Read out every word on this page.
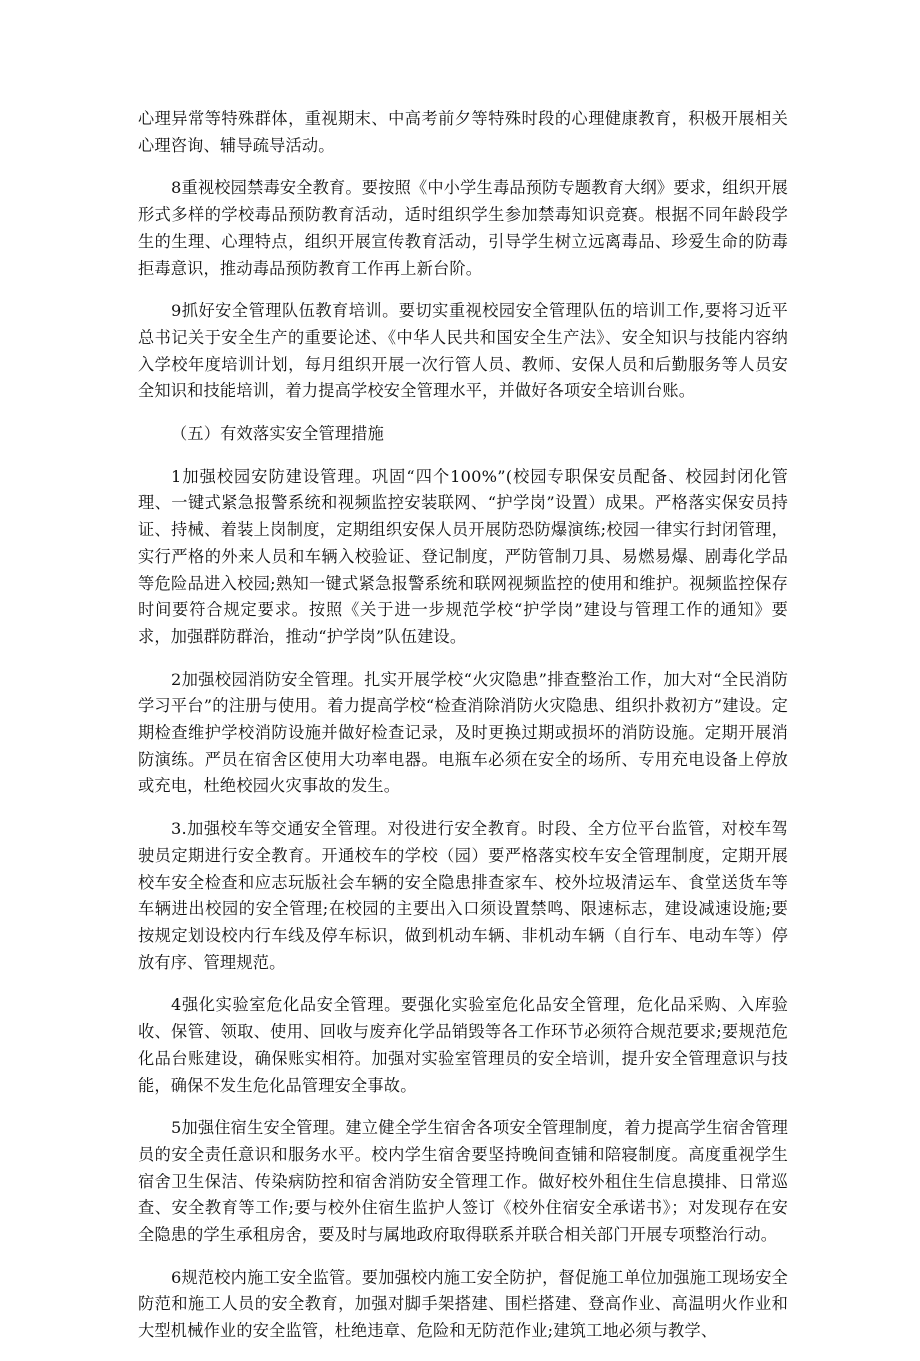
心理异常等特殊群体，重视期末、中高考前夕等特殊时段的心理健康教育，积极开展相关心理咨询、辅导疏导活动。

8重视校园禁毒安全教育。要按照《中小学生毒品预防专题教育大纲》要求，组织开展形式多样的学校毒品预防教育活动，适时组织学生参加禁毒知识竞赛。根据不同年龄段学生的生理、心理特点，组织开展宣传教育活动，引导学生树立远离毒品、珍爱生命的防毒拒毒意识，推动毒品预防教育工作再上新台阶。

9抓好安全管理队伍教育培训。要切实重视校园安全管理队伍的培训工作,要将习近平总书记关于安全生产的重要论述、《中华人民共和国安全生产法》、安全知识与技能内容纳入学校年度培训计划，每月组织开展一次行管人员、教师、安保人员和后勤服务等人员安全知识和技能培训，着力提高学校安全管理水平，并做好各项安全培训台账。

（五）有效落实安全管理措施

1加强校园安防建设管理。巩固“四个100%”(校园专职保安员配备、校园封闭化管理、一键式紧急报警系统和视频监控安装联网、“护学岗”设置）成果。严格落实保安员持证、持械、着装上岗制度，定期组织安保人员开展防恐防爆演练;校园一律实行封闭管理，实行严格的外来人员和车辆入校验证、登记制度，严防管制刀具、易燃易爆、剧毒化学品等危险品进入校园;熟知一键式紧急报警系统和联网视频监控的使用和维护。视频监控保存时间要符合规定要求。按照《关于进一步规范学校“护学岗”建设与管理工作的通知》要求，加强群防群治，推动“护学岗”队伍建设。

2加强校园消防安全管理。扎实开展学校“火灾隐患”排查整治工作，加大对“全民消防学习平台”的注册与使用。着力提高学校“检查消除消防火灾隐患、组织扑救初方”建设。定期检查维护学校消防设施并做好检查记录，及时更换过期或损坏的消防设施。定期开展消防演练。严员在宿舍区使用大功率电器。电瓶车必须在安全的场所、专用充电设备上停放或充电，杜绝校园火灾事故的发生。

3.加强校车等交通安全管理。对役进行安全教育。时段、全方位平台监管，对校车驾驶员定期进行安全教育。开通校车的学校（园）要严格落实校车安全管理制度，定期开展校车安全检查和应志玩版社会车辆的安全隐患排查家车、校外垃圾清运车、食堂送货车等车辆进出校园的安全管理;在校园的主要出入口须设置禁鸣、限速标志，建设减速设施;要按规定划设校内行车线及停车标识，做到机动车辆、非机动车辆（自行车、电动车等）停放有序、管理规范。

4强化实验室危化品安全管理。要强化实验室危化品安全管理，危化品采购、入库验收、保管、领取、使用、回收与废弃化学品销毁等各工作环节必须符合规范要求;要规范危化品台账建设，确保账实相符。加强对实验室管理员的安全培训，提升安全管理意识与技能，确保不发生危化品管理安全事故。

5加强住宿生安全管理。建立健全学生宿舍各项安全管理制度，着力提高学生宿舍管理员的安全责任意识和服务水平。校内学生宿舍要坚持晚间查铺和陪寝制度。高度重视学生宿舍卫生保洁、传染病防控和宿舍消防安全管理工作。做好校外租住生信息摸排、日常巡查、安全教育等工作;要与校外住宿生监护人签订《校外住宿安全承诺书》；对发现存在安全隐患的学生承租房舍，要及时与属地政府取得联系并联合相关部门开展专项整治行动。

6规范校内施工安全监管。要加强校内施工安全防护，督促施工单位加强施工现场安全防范和施工人员的安全教育，加强对脚手架搭建、围栏搭建、登高作业、高温明火作业和大型机械作业的安全监管，杜绝违章、危险和无防范作业;建筑工地必须与教学、
